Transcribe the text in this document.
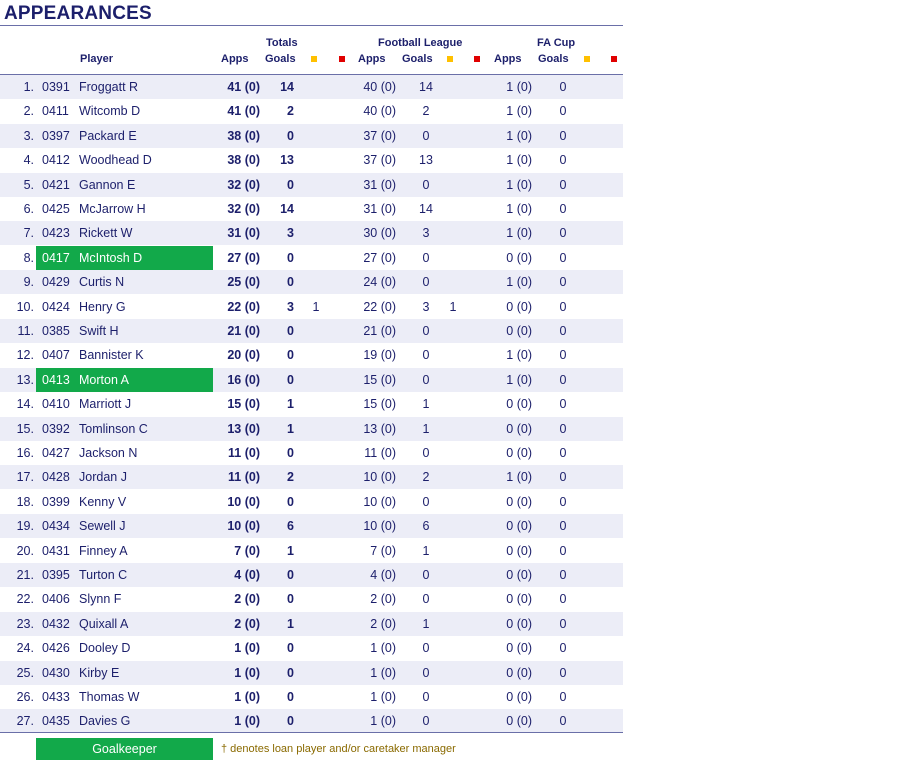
APPEARANCES
Totals	Football League	FA Cup
Player	Apps Goals	Apps Goals	Apps Goals
1. 0391 Froggatt R	41 (0)	14	40 (0)	14	1 (0)	0
2. 0411 Witcomb D	41 (0)	2	40 (0)	2	1 (0)	0
3. 0397 Packard E	38 (0)	0	37 (0)	0	1 (0)	0
4. 0412 Woodhead D	38 (0)	13	37 (0)	13	1 (0)	0
5. 0421 Gannon E	32 (0)	0	31 (0)	0	1 (0)	0
6. 0425 McJarrow H	32 (0)	14	31 (0)	14	1 (0)	0
7. 0423 Rickett W	31 (0)	3	30 (0)	3	1 (0)	0
8. 0417 McIntosh D	27 (0)	0	27 (0)	0	0 (0)	0
9. 0429 Curtis N	25 (0)	0	24 (0)	0	1 (0)	0
10. 0424 Henry G	22 (0)	3	1	22 (0)	3	1	0 (0)	0
11. 0385 Swift H	21 (0)	0	21 (0)	0	0 (0)	0
12. 0407 Bannister K	20 (0)	0	19 (0)	0	1 (0)	0
13. 0413 Morton A	16 (0)	0	15 (0)	0	1 (0)	0
14. 0410 Marriott J	15 (0)	1	15 (0)	1	0 (0)	0
15. 0392 Tomlinson C	13 (0)	1	13 (0)	1	0 (0)	0
16. 0427 Jackson N	11 (0)	0	11 (0)	0	0 (0)	0
17. 0428 Jordan J	11 (0)	2	10 (0)	2	1 (0)	0
18. 0399 Kenny V	10 (0)	0	10 (0)	0	0 (0)	0
19. 0434 Sewell J	10 (0)	6	10 (0)	6	0 (0)	0
20. 0431 Finney A	7 (0)	1	7 (0)	1	0 (0)	0
21. 0395 Turton C	4 (0)	0	4 (0)	0	0 (0)	0
22. 0406 Slynn F	2 (0)	0	2 (0)	0	0 (0)	0
23. 0432 Quixall A	2 (0)	1	2 (0)	1	0 (0)	0
24. 0426 Dooley D	1 (0)	0	1 (0)	0	0 (0)	0
25. 0430 Kirby E	1 (0)	0	1 (0)	0	0 (0)	0
26. 0433 Thomas W	1 (0)	0	1 (0)	0	0 (0)	0
27. 0435 Davies G	1 (0)	0	1 (0)	0	0 (0)	0
Goalkeeper	† denotes loan player and/or caretaker manager
